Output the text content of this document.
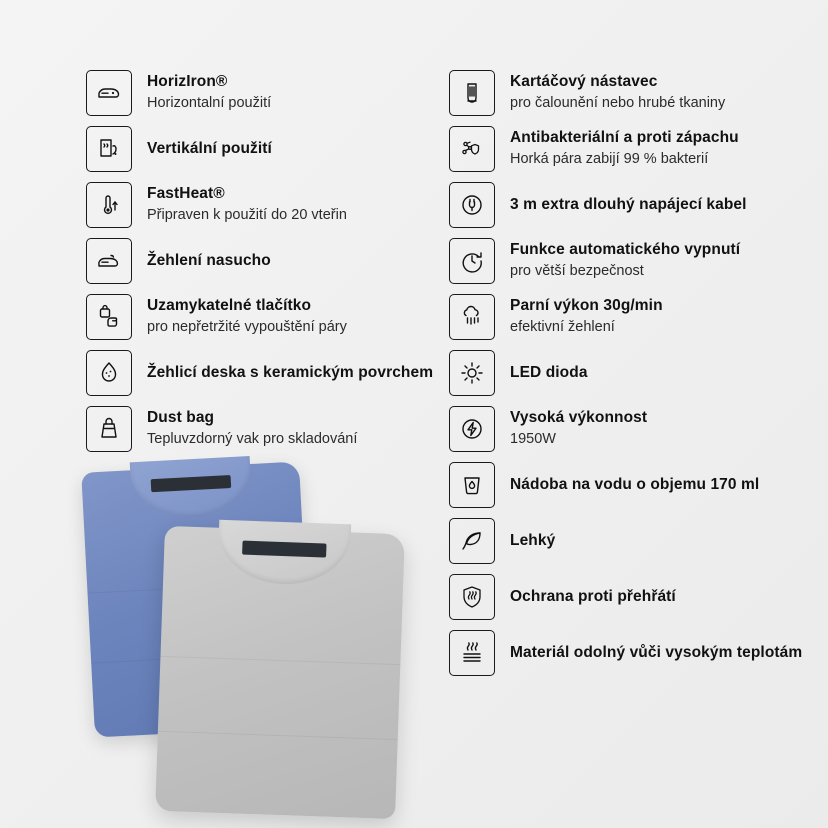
HorizIron®
Horizontalní použití
Vertikální použití
FastHeat®
Připraven k použití do 20 vteřin
Žehlení nasucho
Uzamykatelné tlačítko
pro nepřetržité vypouštění páry
Žehlicí deska s keramickým povrchem
Dust bag
Tepluvzdorný vak pro skladování
Kartáčový nástavec
pro čalounění nebo hrubé tkaniny
Antibakteriální a proti zápachu
Horká pára zabijí 99 % bakterií
3 m extra dlouhý napájecí kabel
Funkce automatického vypnutí
pro větší bezpečnost
Parní výkon 30g/min
efektivní žehlení
LED dioda
Vysoká výkonnost
1950W
Nádoba na vodu o objemu 170 ml
Lehký
Ochrana proti přehřátí
Materiál odolný vůči vysokým teplotám
